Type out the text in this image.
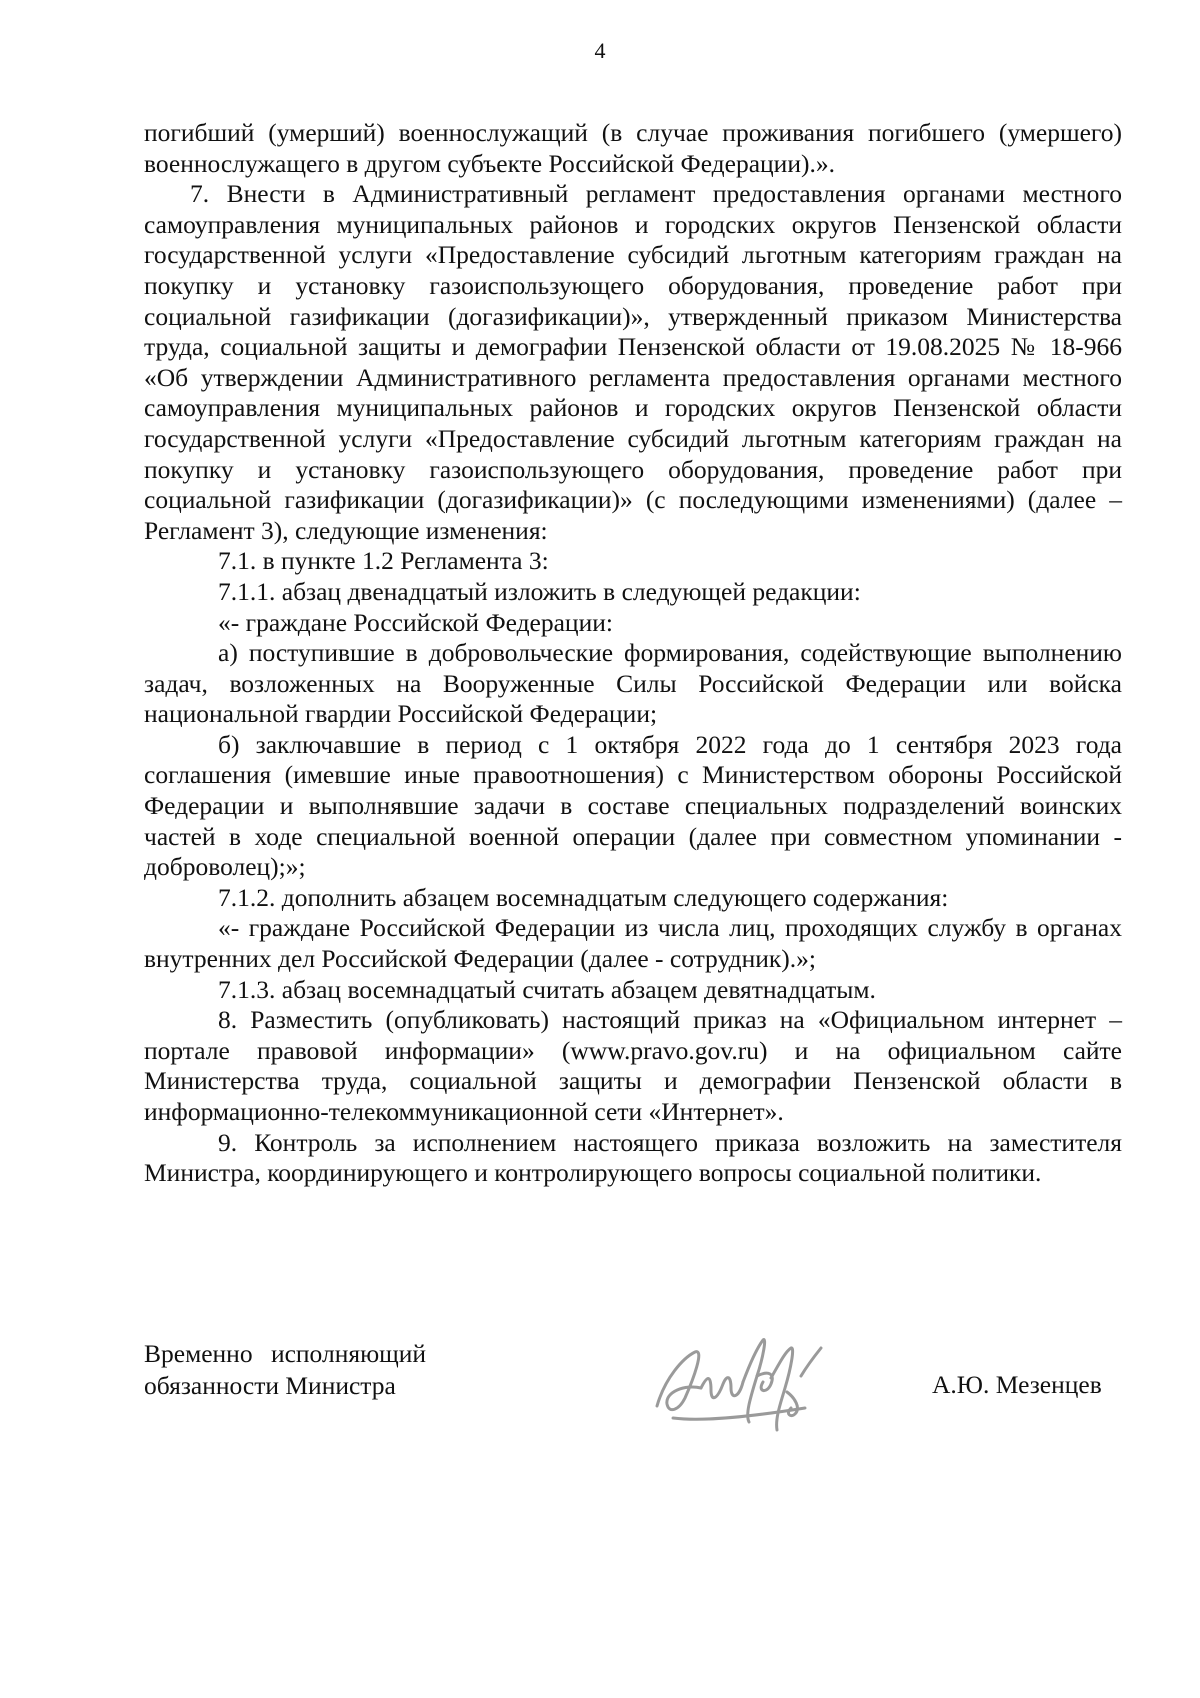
4

погибший (умерший) военнослужащий (в случае проживания погибшего (умершего) военнослужащего в другом субъекте Российской Федерации).».

7. Внести в Административный регламент предоставления органами местного самоуправления муниципальных районов и городских округов Пензенской области государственной услуги «Предоставление субсидий льготным категориям граждан на покупку и установку газоиспользующего оборудования, проведение работ при социальной газификации (догазификации)», утвержденный приказом Министерства труда, социальной защиты и демографии Пензенской области от 19.08.2025 № 18-966 «Об утверждении Административного регламента предоставления органами местного самоуправления муниципальных районов и городских округов Пензенской области государственной услуги «Предоставление субсидий льготным категориям граждан на покупку и установку газоиспользующего оборудования, проведение работ при социальной газификации (догазификации)» (с последующими изменениями) (далее – Регламент 3), следующие изменения:

7.1. в пункте 1.2 Регламента 3:

7.1.1. абзац двенадцатый изложить в следующей редакции:

«- граждане Российской Федерации:

а) поступившие в добровольческие формирования, содействующие выполнению задач, возложенных на Вооруженные Силы Российской Федерации или войска национальной гвардии Российской Федерации;

б) заключавшие в период с 1 октября 2022 года до 1 сентября 2023 года соглашения (имевшие иные правоотношения) с Министерством обороны Российской Федерации и выполнявшие задачи в составе специальных подразделений воинских частей в ходе специальной военной операции (далее при совместном упоминании - доброволец);»;

7.1.2. дополнить абзацем восемнадцатым следующего содержания:

«- граждане Российской Федерации из числа лиц, проходящих службу в органах внутренних дел Российской Федерации (далее - сотрудник).»;

7.1.3. абзац восемнадцатый считать абзацем девятнадцатым.

8. Разместить (опубликовать) настоящий приказ на «Официальном интернет – портале правовой информации» (www.pravo.gov.ru) и на официальном сайте Министерства труда, социальной защиты и демографии Пензенской области в информационно-телекоммуникационной сети «Интернет».

9. Контроль за исполнением настоящего приказа возложить на заместителя Министра, координирующего и контролирующего вопросы социальной политики.

Временно исполняющий
обязанности Министра	А.Ю. Мезенцев
